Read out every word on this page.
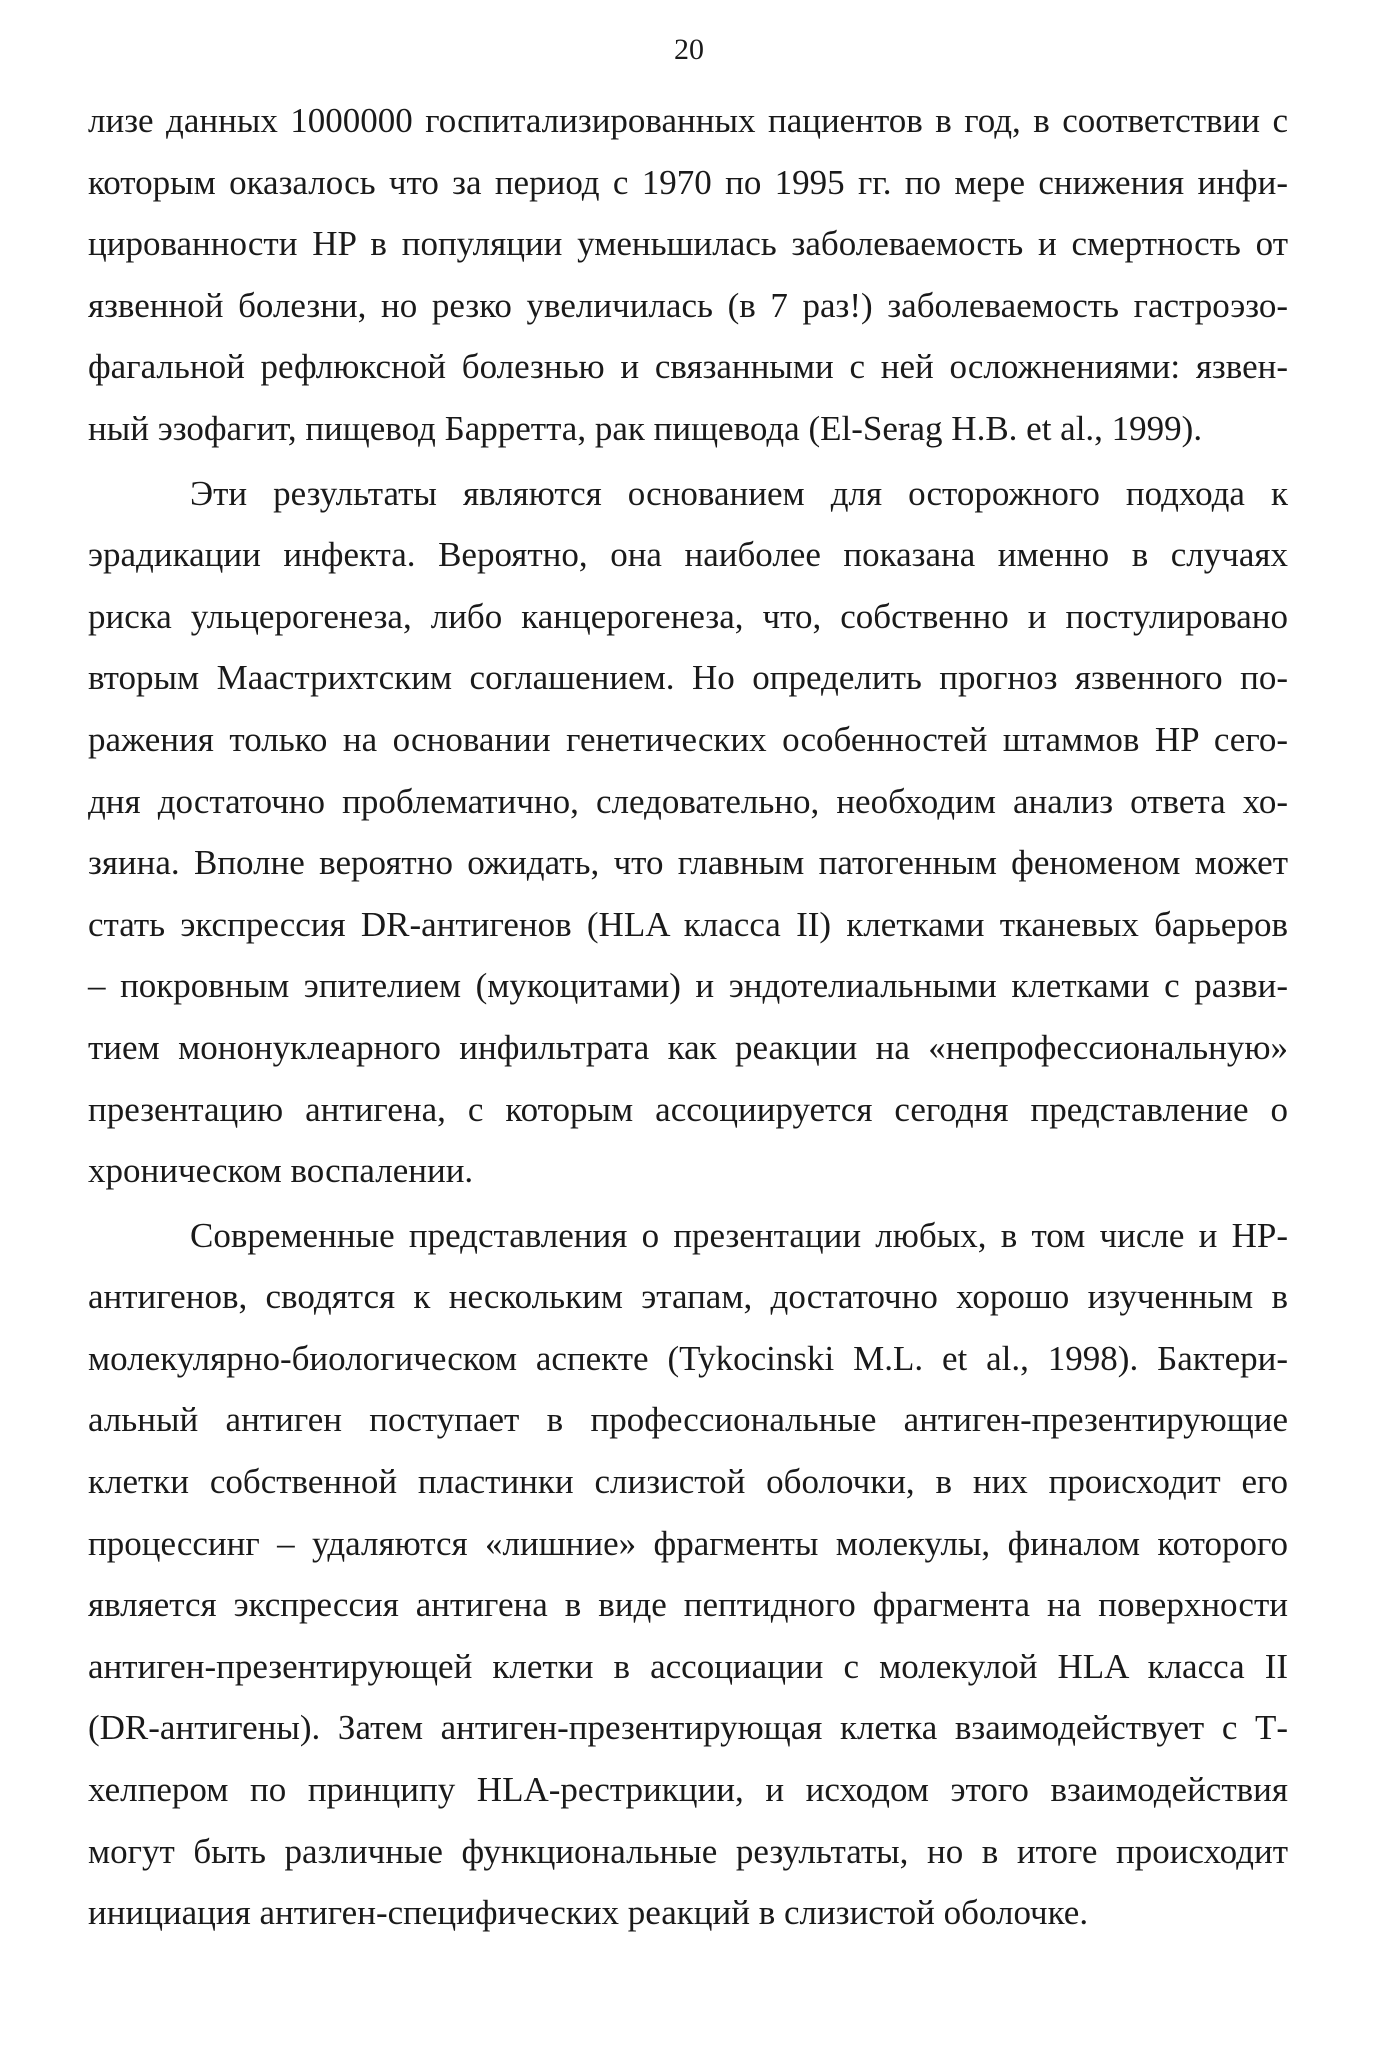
20
лизе данных 1000000 госпитализированных пациентов в год, в соответствии с
которым оказалось что за период с 1970 по 1995 гг. по мере снижения инфи-
цированности HP в популяции уменьшилась заболеваемость и смертность от
язвенной болезни, но резко увеличилась (в 7 раз!) заболеваемость гастроэзо-
фагальной рефлюксной болезнью и связанными с ней осложнениями: язвен-
ный эзофагит, пищевод Барретта, рак пищевода (El-Serag H.B. et al., 1999).
Эти результаты являются основанием для осторожного подхода к
эрадикации инфекта. Вероятно, она наиболее показана именно в случаях
риска ульцерогенеза, либо канцерогенеза, что, собственно и постулировано
вторым Маастрихтским соглашением. Но определить прогноз язвенного по-
ражения только на основании генетических особенностей штаммов HP сего-
дня достаточно проблематично, следовательно, необходим анализ ответа хо-
зяина. Вполне вероятно ожидать, что главным патогенным феноменом может
стать экспрессия DR-антигенов (HLA класса II) клетками тканевых барьеров
– покровным эпителием (мукоцитами) и эндотелиальными клетками с разви-
тием мононуклеарного инфильтрата как реакции на «непрофессиональную»
презентацию антигена, с которым ассоциируется сегодня представление о
хроническом воспалении.
Современные представления о презентации любых, в том числе и HP-
антигенов, сводятся к нескольким этапам, достаточно хорошо изученным в
молекулярно-биологическом аспекте (Tykocinski M.L. et al., 1998). Бактери-
альный антиген поступает в профессиональные антиген-презентирующие
клетки собственной пластинки слизистой оболочки, в них происходит его
процессинг – удаляются «лишние» фрагменты молекулы, финалом которого
является экспрессия антигена в виде пептидного фрагмента на поверхности
антиген-презентирующей клетки в ассоциации с молекулой HLA класса II
(DR-антигены). Затем антиген-презентирующая клетка взаимодействует с Т-
хелпером по принципу HLA-рестрикции, и исходом этого взаимодействия
могут быть различные функциональные результаты, но в итоге происходит
инициация антиген-специфических реакций в слизистой оболочке.
